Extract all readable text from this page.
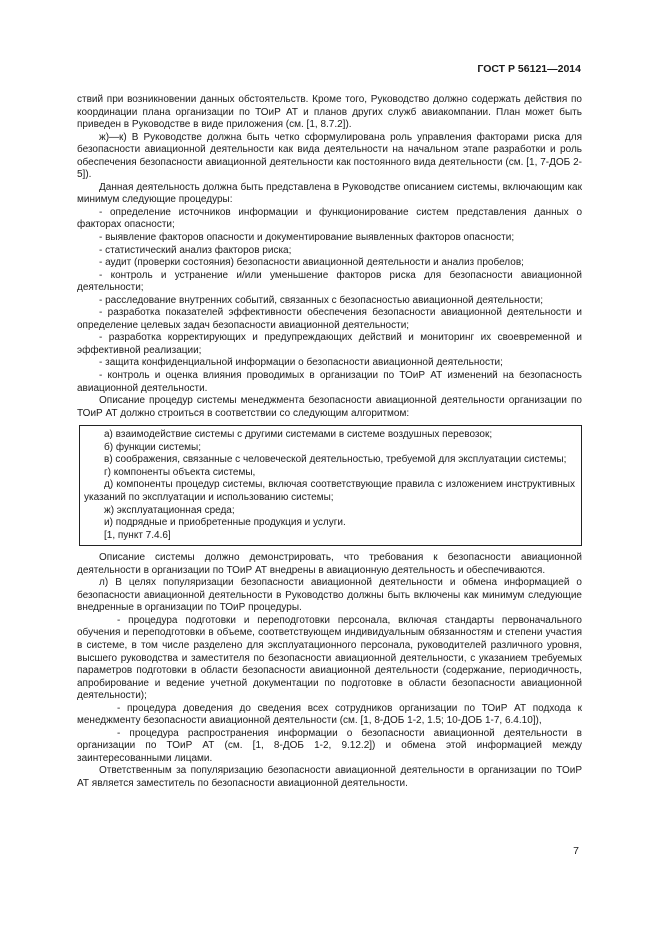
ГОСТ Р 56121—2014

ствий при возникновении данных обстоятельств. Кроме того, Руководство должно содержать действия по координации плана организации по ТОиР АТ и планов других служб авиакомпании. План может быть приведен в Руководстве в виде приложения (см. [1, 8.7.2]).

ж)—к) В Руководстве должна быть четко сформулирована роль управления факторами риска для безопасности авиационной деятельности как вида деятельности на начальном этапе разработки и роль обеспечения безопасности авиационной деятельности как постоянного вида деятельности (см. [1, 7-ДОБ 2-5]).

Данная деятельность должна быть представлена в Руководстве описанием системы, включающим как минимум следующие процедуры:

- определение источников информации и функционирование систем представления данных о факторах опасности;

- выявление факторов опасности и документирование выявленных факторов опасности;

- статистический анализ факторов риска;

- аудит (проверки состояния) безопасности авиационной деятельности и анализ пробелов;

- контроль и устранение и/или уменьшение факторов риска для безопасности авиационной деятельности;

- расследование внутренних событий, связанных с безопасностью авиационной деятельности;

- разработка показателей эффективности обеспечения безопасности авиационной деятельности и определение целевых задач безопасности авиационной деятельности;

- разработка корректирующих и предупреждающих действий и мониторинг их своевременной и эффективной реализации;

- защита конфиденциальной информации о безопасности авиационной деятельности;

- контроль и оценка влияния проводимых в организации по ТОиР АТ изменений на безопасность авиационной деятельности.

Описание процедур системы менеджмента безопасности авиационной деятельности организации по ТОиР АТ должно строиться в соответствии со следующим алгоритмом:

а) взаимодействие системы с другими системами в системе воздушных перевозок;

б) функции системы;

в) соображения, связанные с человеческой деятельностью, требуемой для эксплуатации системы;

г) компоненты объекта системы,

д) компоненты процедур системы, включая соответствующие правила с изложением инструктивных указаний по эксплуатации и использованию системы;

ж) эксплуатационная среда;

и) подрядные и приобретенные продукция и услуги.

[1, пункт 7.4.6]

Описание системы должно демонстрировать, что требования к безопасности авиационной деятельности в организации по ТОиР АТ внедрены в авиационную деятельность и обеспечиваются.

л) В целях популяризации безопасности авиационной деятельности и обмена информацией о безопасности авиационной деятельности в Руководство должны быть включены как минимум следующие внедренные в организации по ТОиР процедуры.

- процедура подготовки и переподготовки персонала, включая стандарты первоначального обучения и переподготовки в объеме, соответствующем индивидуальным обязанностям и степени участия в системе, в том числе разделено для эксплуатационного персонала, руководителей различного уровня, высшего руководства и заместителя по безопасности авиационной деятельности, с указанием требуемых параметров подготовки в области безопасности авиационной деятельности (содержание, периодичность, апробирование и ведение учетной документации по подготовке в области безопасности авиационной деятельности);

- процедура доведения до сведения всех сотрудников организации по ТОиР АТ подхода к менеджменту безопасности авиационной деятельности (см. [1, 8-ДОБ 1-2, 1.5; 10-ДОБ 1-7, 6.4.10]),

- процедура распространения информации о безопасности авиационной деятельности в организации по ТОиР АТ (см. [1, 8-ДОБ 1-2, 9.12.2]) и обмена этой информацией между заинтересованными лицами.

Ответственным за популяризацию безопасности авиационной деятельности в организации по ТОиР АТ является заместитель по безопасности авиационной деятельности.

7
